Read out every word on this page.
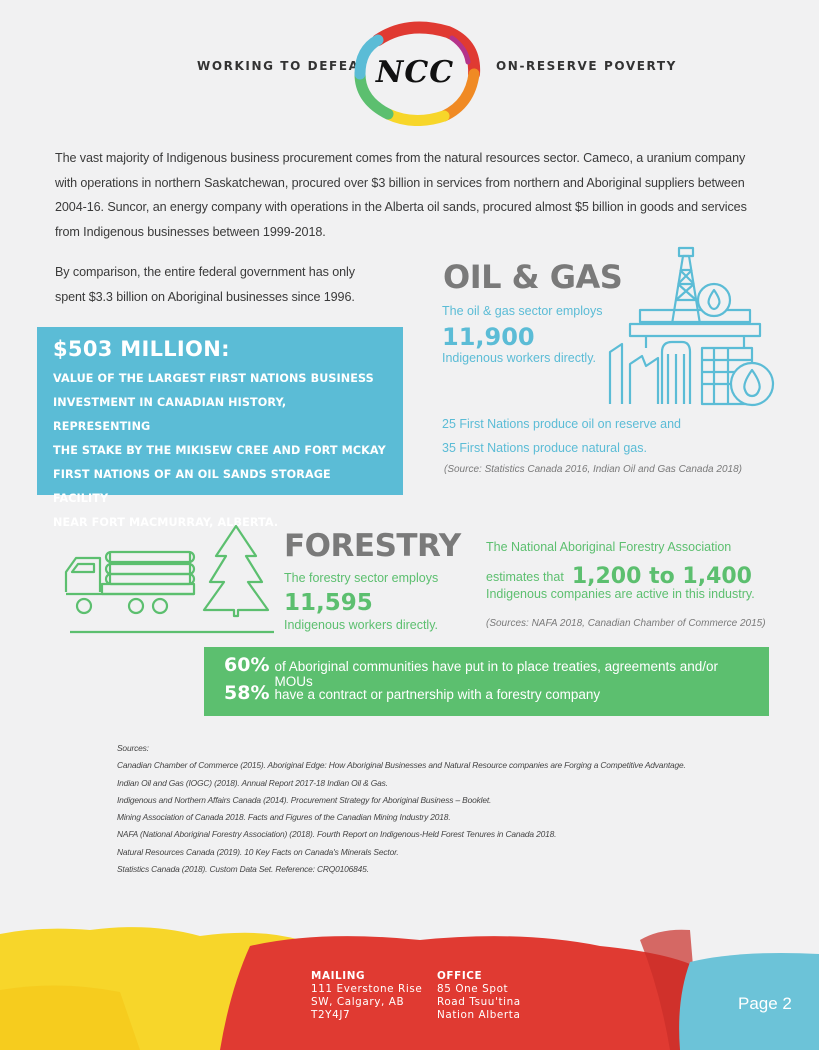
WORKING TO DEFEAT NCC	ON-RESERVE POVERTY
The vast majority of Indigenous business procurement comes from the natural resources sector. Cameco, a uranium company
with operations in northern Saskatchewan, procured over $3 billion in services from northern and Aboriginal suppliers between
2004-16. Suncor, an energy company with operations in the Alberta oil sands, procured almost $5 billion in goods and services
from Indigenous businesses between 1999-2018.
By comparison, the entire federal government has only
spent $3.3 billion on Aboriginal businesses since 1996.
$503 MILLION:
VALUE OF THE LARGEST FIRST NATIONS BUSINESS
INVESTMENT IN CANADIAN HISTORY, REPRESENTING
THE STAKE BY THE MIKISEW CREE AND FORT MCKAY
FIRST NATIONS OF AN OIL SANDS STORAGE FACILITY
NEAR FORT MACMURRAY, ALBERTA.
OIL & GAS
The oil & gas sector employs
11,900
Indigenous workers directly.
25 First Nations produce oil on reserve and
35 First Nations produce natural gas.
(Source: Statistics Canada 2016, Indian Oil and Gas Canada 2018)
FORESTRY
The forestry sector employs
11,595
Indigenous workers directly.
The National Aboriginal Forestry Association
estimates that 1,200 to 1,400
Indigenous companies are active in this industry.
(Sources: NAFA 2018, Canadian Chamber of Commerce 2015)
60% of Aboriginal communities have put in to place treaties, agreements and/or MOUs
58% have a contract or partnership with a forestry company
Sources:
Canadian Chamber of Commerce (2015). Aboriginal Edge: How Aboriginal Businesses and Natural Resource companies are Forging a Competitive Advantage.
Indian Oil and Gas (IOGC) (2018). Annual Report 2017-18 Indian Oil & Gas.
Indigenous and Northern Affairs Canada (2014). Procurement Strategy for Aboriginal Business – Booklet.
Mining Association of Canada 2018. Facts and Figures of the Canadian Mining Industry 2018.
NAFA (National Aboriginal Forestry Association) (2018). Fourth Report on Indigenous-Held Forest Tenures in Canada 2018.
Natural Resources Canada (2019). 10 Key Facts on Canada's Minerals Sector.
Statistics Canada (2018). Custom Data Set. Reference: CRQ0106845.
MAILING
111 Everstone Rise
SW, Calgary, AB
T2Y4J7
OFFICE
85 One Spot
Road Tsuu'tina
Nation Alberta
Page 2
